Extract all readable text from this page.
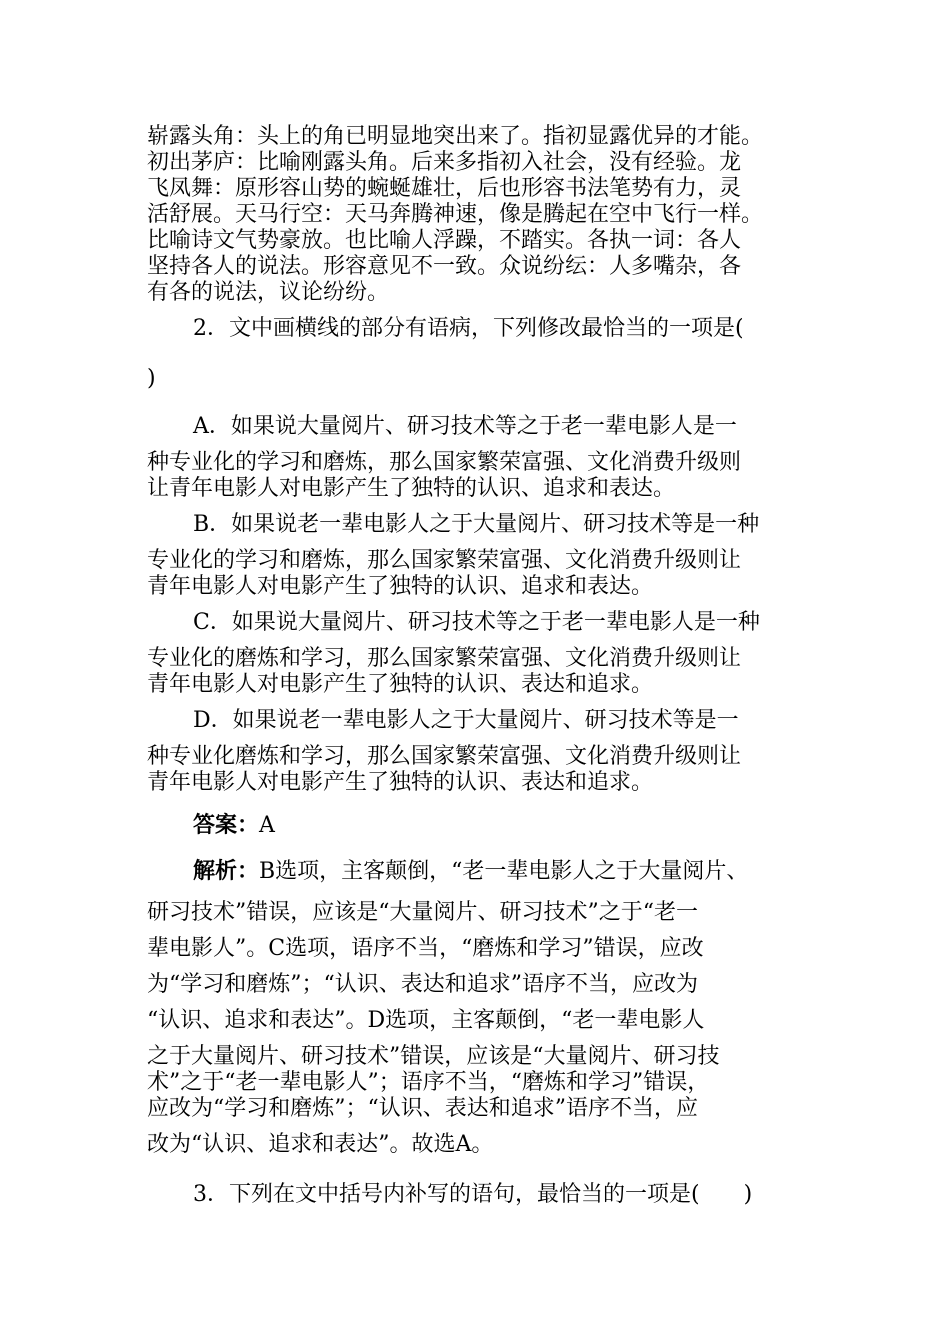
崭露头角：头上的角已明显地突出来了。指初显露优异的才能。
初出茅庐：比喻刚露头角。后来多指初入社会，没有经验。龙
飞凤舞：原形容山势的蜿蜒雄壮，后也形容书法笔势有力，灵
活舒展。天马行空：天马奔腾神速，像是腾起在空中飞行一样。
比喻诗文气势豪放。也比喻人浮躁，不踏实。各执一词：各人
坚持各人的说法。形容意见不一致。众说纷纭：人多嘴杂，各
有各的说法，议论纷纷。
2．文中画横线的部分有语病，下列修改最恰当的一项是(
)
A．如果说大量阅片、研习技术等之于老一辈电影人是一
种专业化的学习和磨炼，那么国家繁荣富强、文化消费升级则
让青年电影人对电影产生了独特的认识、追求和表达。
B．如果说老一辈电影人之于大量阅片、研习技术等是一种
专业化的学习和磨炼，那么国家繁荣富强、文化消费升级则让
青年电影人对电影产生了独特的认识、追求和表达。
C．如果说大量阅片、研习技术等之于老一辈电影人是一种
专业化的磨炼和学习，那么国家繁荣富强、文化消费升级则让
青年电影人对电影产生了独特的认识、表达和追求。
D．如果说老一辈电影人之于大量阅片、研习技术等是一
种专业化磨炼和学习，那么国家繁荣富强、文化消费升级则让
青年电影人对电影产生了独特的认识、表达和追求。
答案：A
解析：B选项，主客颠倒，“老一辈电影人之于大量阅片、
研习技术”错误，应该是“大量阅片、研习技术”之于“老一
辈电影人”。C选项，语序不当，“磨炼和学习”错误，应改
为“学习和磨炼”；“认识、表达和追求”语序不当，应改为
“认识、追求和表达”。D选项，主客颠倒，“老一辈电影人
之于大量阅片、研习技术”错误，应该是“大量阅片、研习技
术”之于“老一辈电影人”；语序不当，“磨炼和学习”错误，
应改为“学习和磨炼”；“认识、表达和追求”语序不当，应
改为“认识、追求和表达”。故选A。
3．下列在文中括号内补写的语句，最恰当的一项是(　　)
